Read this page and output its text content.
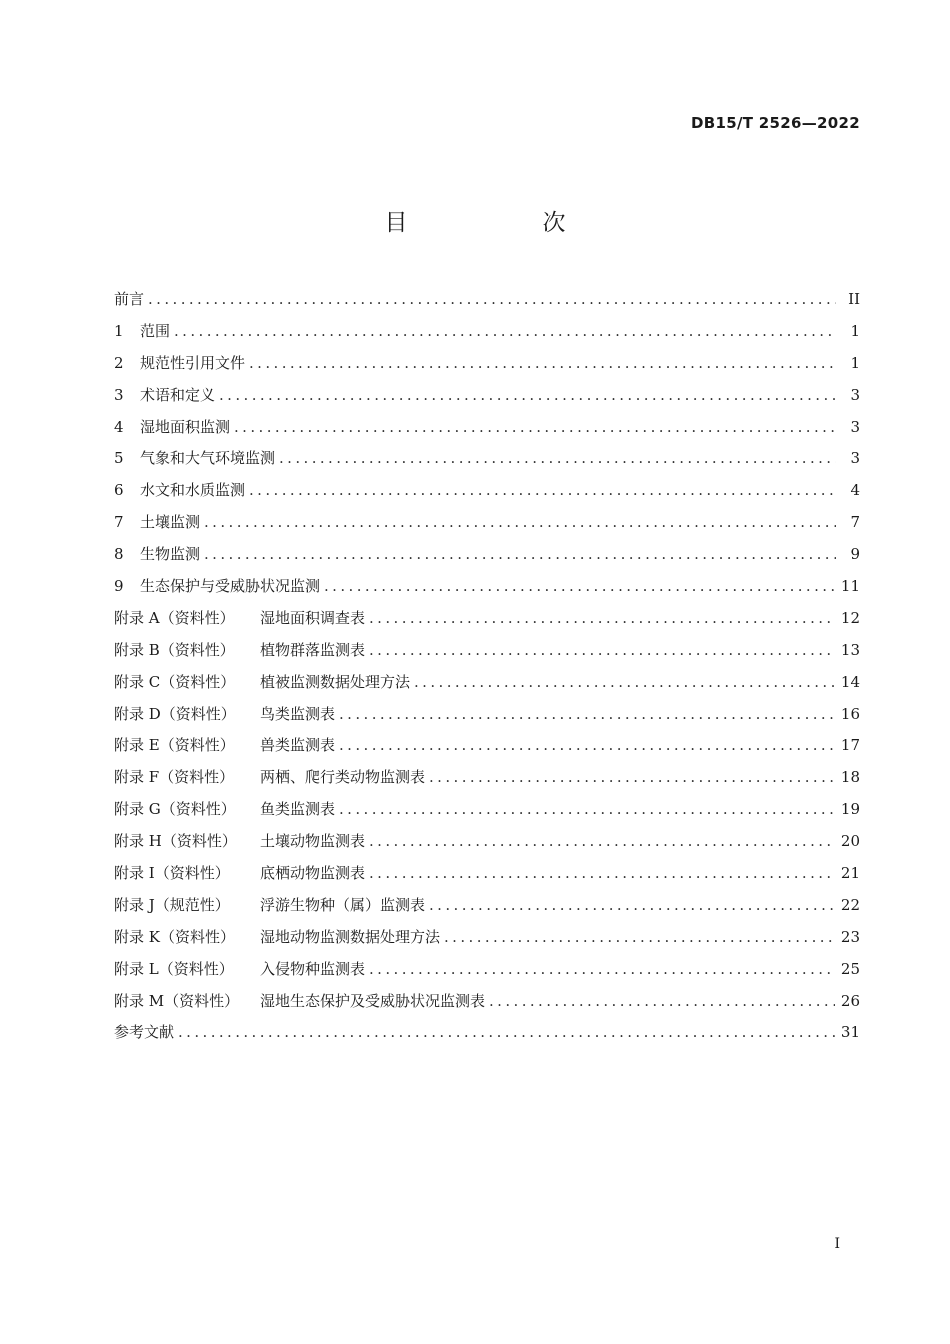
DB15/T 2526—2022
目　次
前言 .....	II
1	范围 .....	1
2	规范性引用文件 .....	1
3	术语和定义 .....	3
4	湿地面积监测 .....	3
5	气象和大气环境监测 .....	3
6	水文和水质监测 .....	4
7	土壤监测 .....	7
8	生物监测 .....	9
9	生态保护与受威胁状况监测 .....	11
附录 A（资料性）	湿地面积调查表 .....	12
附录 B（资料性）	植物群落监测表 .....	13
附录 C（资料性）	植被监测数据处理方法 .....	14
附录 D（资料性）	鸟类监测表 .....	16
附录 E（资料性）	兽类监测表 .....	17
附录 F（资料性）	两栖、爬行类动物监测表 .....	18
附录 G（资料性）	鱼类监测表 .....	19
附录 H（资料性）	土壤动物监测表 .....	20
附录 I（资料性）	底栖动物监测表 .....	21
附录 J（规范性）	浮游生物种（属）监测表 .....	22
附录 K（资料性）	湿地动物监测数据处理方法 .....	23
附录 L（资料性）	入侵物种监测表 .....	25
附录 M（资料性）	湿地生态保护及受威胁状况监测表 .....	26
参考文献 .....	31
I
